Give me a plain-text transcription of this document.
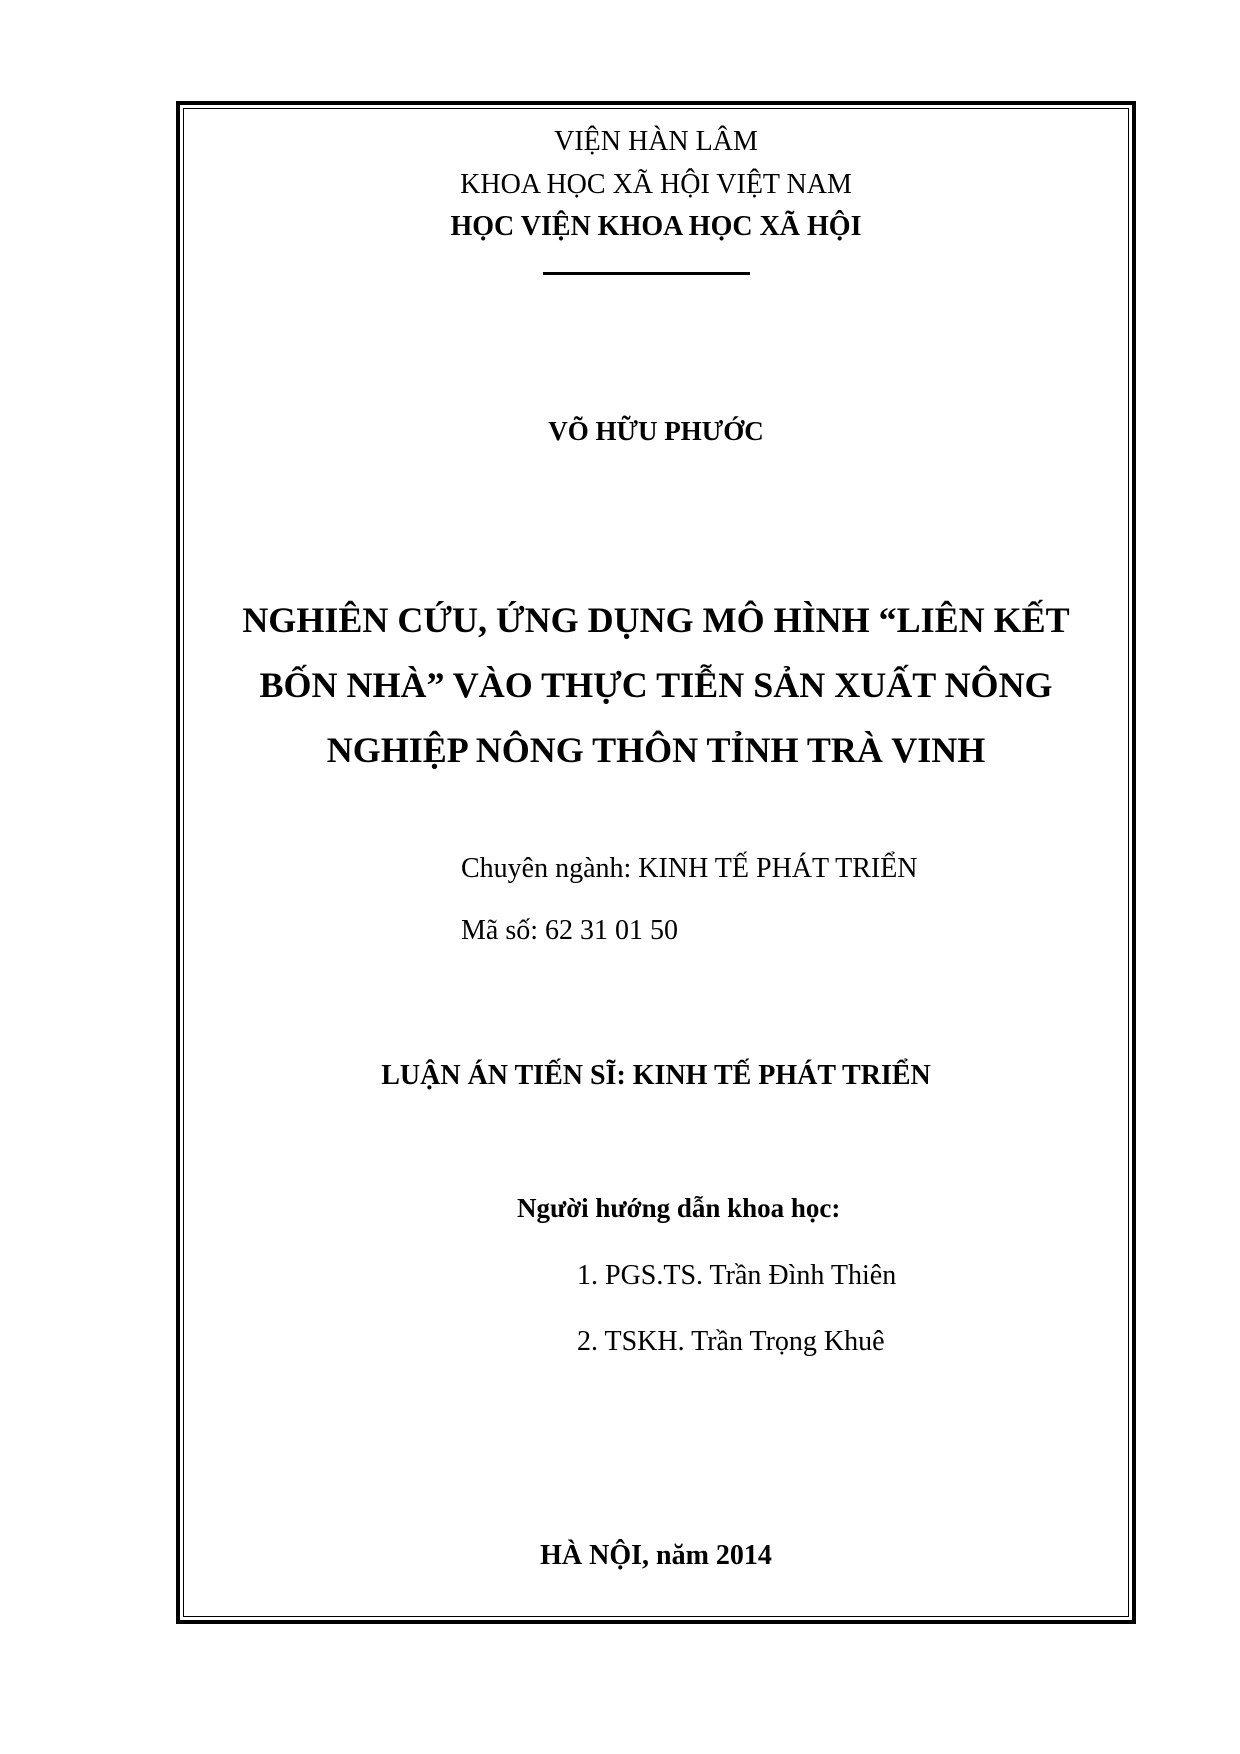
VIỆN HÀN LÂM
KHOA HỌC XÃ HỘI VIỆT NAM
HỌC VIỆN KHOA HỌC XÃ HỘI
VÕ HỮU PHƯỚC
NGHIÊN CỨU, ỨNG DỤNG MÔ HÌNH “LIÊN KẾT
BỐN NHÀ” VÀO THỰC TIỄN SẢN XUẤT NÔNG
NGHIỆP NÔNG THÔN TỈNH TRÀ VINH
Chuyên ngành: KINH TẾ PHÁT TRIỂN
Mã số: 62 31 01 50
LUẬN ÁN TIẾN SĨ: KINH TẾ PHÁT TRIỂN
Người hướng dẫn khoa học:
1. PGS.TS. Trần Đình Thiên
2. TSKH. Trần Trọng Khuê
HÀ NỘI, năm 2014
